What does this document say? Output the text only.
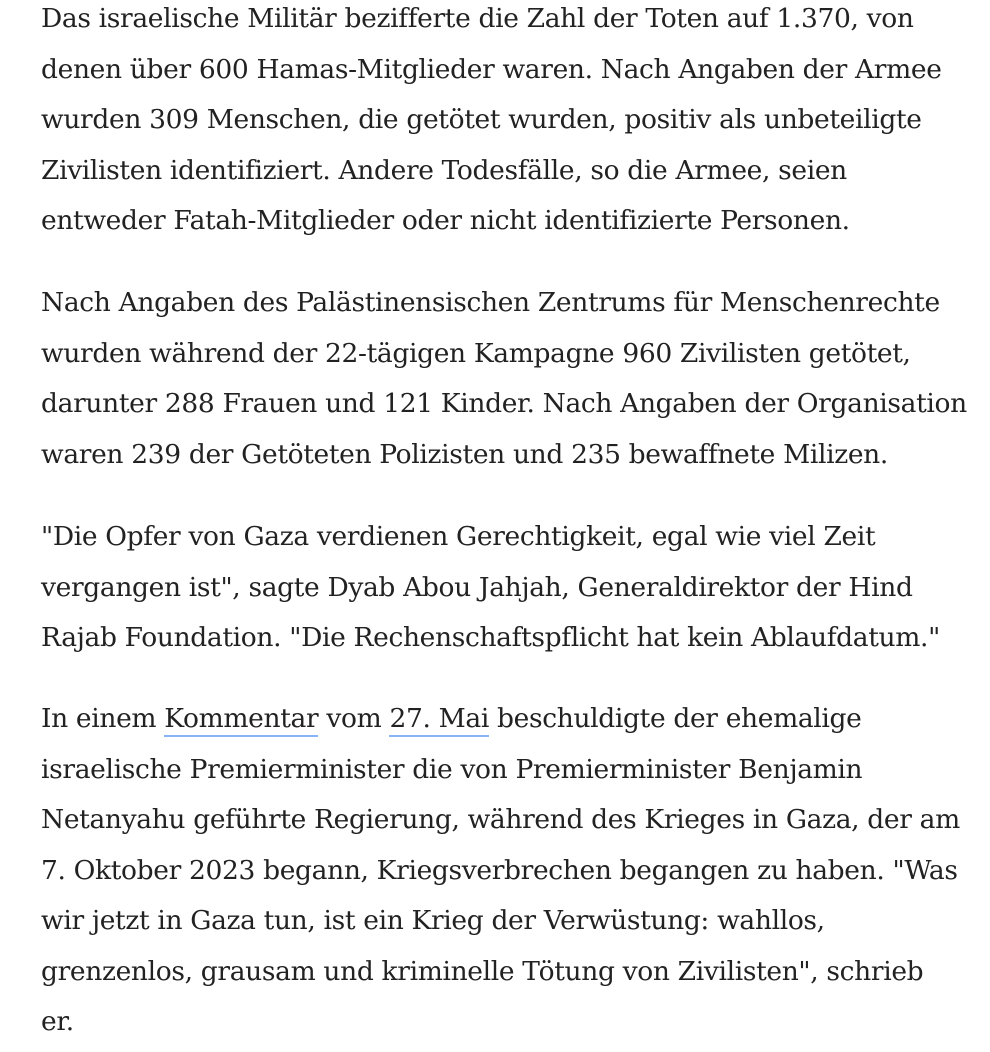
Das israelische Militär bezifferte die Zahl der Toten auf 1.370, von
denen über 600 Hamas-Mitglieder waren. Nach Angaben der Armee
wurden 309 Menschen, die getötet wurden, positiv als unbeteiligte
Zivilisten identifiziert. Andere Todesfälle, so die Armee, seien
entweder Fatah-Mitglieder oder nicht identifizierte Personen.

Nach Angaben des Palästinensischen Zentrums für Menschenrechte
wurden während der 22-tägigen Kampagne 960 Zivilisten getötet,
darunter 288 Frauen und 121 Kinder. Nach Angaben der Organisation
waren 239 der Getöteten Polizisten und 235 bewaffnete Milizen.

"Die Opfer von Gaza verdienen Gerechtigkeit, egal wie viel Zeit
vergangen ist", sagte Dyab Abou Jahjah, Generaldirektor der Hind
Rajab Foundation. "Die Rechenschaftspflicht hat kein Ablaufdatum."

In einem Kommentar vom 27. Mai beschuldigte der ehemalige
israelische Premierminister die von Premierminister Benjamin
Netanyahu geführte Regierung, während des Krieges in Gaza, der am
7. Oktober 2023 begann, Kriegsverbrechen begangen zu haben. "Was
wir jetzt in Gaza tun, ist ein Krieg der Verwüstung: wahllos,
grenzenlos, grausam und kriminelle Tötung von Zivilisten", schrieb
er.
